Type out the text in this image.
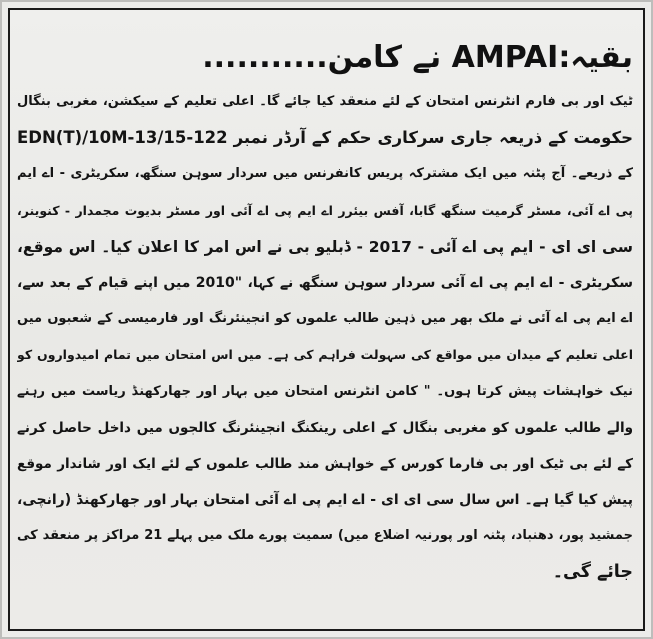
بقیہ:AMPAI نے کامن...........
ٹیک اور بی فارم انٹرنس امتحان کے لئے منعقد کیا جائے گا۔ اعلی تعلیم کے سیکشن، مغربی بنگال
حکومت کے ذریعہ جاری سرکاری حکم کے آرڈر نمبر 122-EDN(T)/10M-13/15
کے ذریعے۔ آج پٹنہ میں ایک مشترکہ پریس کانفرنس میں سردار سوہن سنگھ، سکریٹری - اے ایم
پی اے آئی، مسٹر گرمیت سنگھ گابا، آفس بیئرر اے ایم پی اے آئی اور مسٹر بدیوت مجمدار - کنوینر،
سی ای ای - ایم پی اے آئی - 2017 - ڈبلیو بی نے اس امر کا اعلان کیا۔ اس موقع،
سکریٹری - اے ایم پی اے آئی سردار سوہن سنگھ نے کہا، "2010 میں اپنے قیام کے بعد سے،
اے ایم پی اے آئی نے ملک بھر میں ذہین طالب علموں کو انجینئرنگ اور فارمیسی کے شعبوں میں
اعلی تعلیم کے میدان میں مواقع کی سہولت فراہم کی ہے۔ میں اس امتحان میں تمام امیدواروں کو
نیک خواہشات پیش کرتا ہوں۔ " کامن انٹرنس امتحان میں بہار اور جھارکھنڈ ریاست میں رہنے
والے طالب علموں کو مغربی بنگال کے اعلی رینکنگ انجینئرنگ کالجوں میں داخل حاصل کرنے
کے لئے بی ٹیک اور بی فارما کورس کے خواہش مند طالب علموں کے لئے ایک اور شاندار موقع
پیش کیا گیا ہے۔ اس سال سی ای ای - اے ایم پی اے آئی امتحان بہار اور جھارکھنڈ (رانچی،
جمشید پور، دھنباد، پٹنہ اور پورنیہ اضلاع میں) سمیت پورے ملک میں پہلے 21 مراکز پر منعقد کی
جائے گی۔
